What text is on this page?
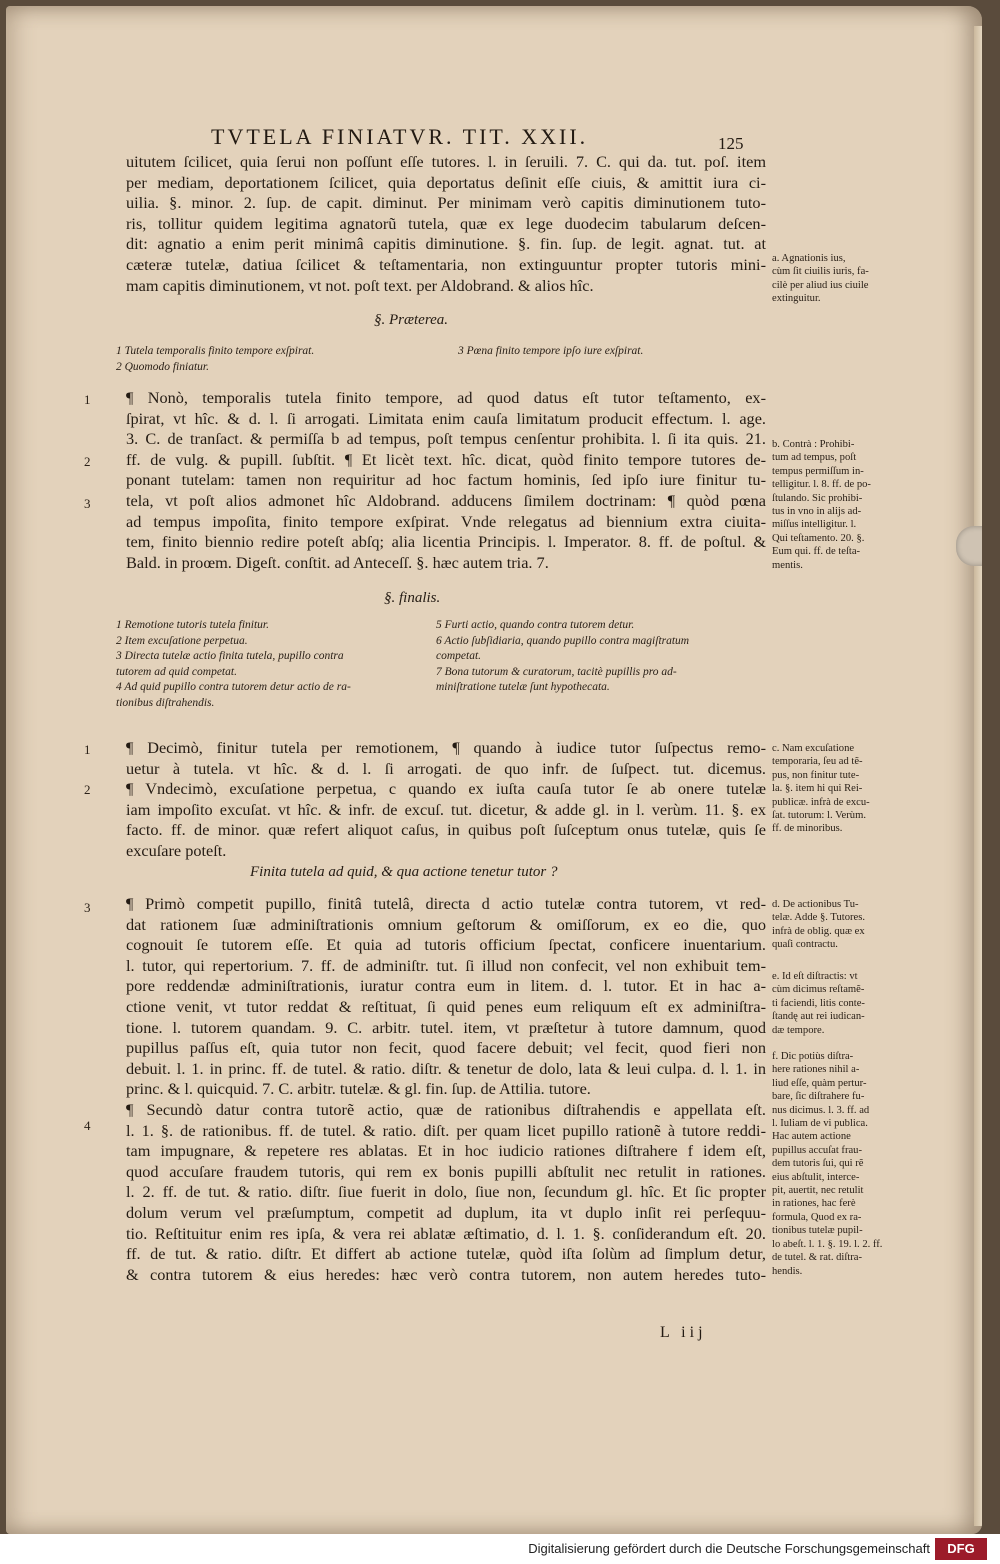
TVTELA FINIATVR. TIT. XXII.	125

uitutem ſcilicet, quia ſerui non poſſunt eſſe tutores. l. in ſeruili. 7. C. qui da. tut. poſ. item

per mediam, deportationem ſcilicet, quia deportatus deſinit eſſe ciuis, & amittit iura ci-

uilia. §. minor. 2. ſup. de capit. diminut. Per minimam verò capitis diminutionem tuto-

ris, tollitur quidem legitima agnatorũ tutela, quæ ex lege duodecim tabularum deſcen-

dit: agnatio a enim perit minimâ capitis diminutione. §. fin. ſup. de legit. agnat. tut. at

cæteræ tutelæ, datiua ſcilicet & teſtamentaria, non extinguuntur propter tutoris mini-

mam capitis diminutionem, vt not. poſt text. per Aldobrand. & alios hîc.

§. Præterea.
1 Tutela temporalis finito tempore exſpirat.
2 Quomodo finiatur.
3 Pœna finito tempore ipſo iure exſpirat.

¶ Nonò, temporalis tutela finito tempore, ad quod datus eſt tutor teſtamento, ex-

ſpirat, vt hîc. & d. l. ſi arrogati. Limitata enim cauſa limitatum producit effectum. l. age.

3. C. de tranſact. & permiſſa b ad tempus, poſt tempus cenſentur prohibita. l. ſi ita quis. 21.

ff. de vulg. & pupill. ſubſtit. ¶ Et licèt text. hîc. dicat, quòd finito tempore tutores de-

ponant tutelam: tamen non requiritur ad hoc factum hominis, ſed ipſo iure finitur tu-

tela, vt poſt alios admonet hîc Aldobrand. adducens ſimilem doctrinam: ¶ quòd pœna

ad tempus impoſita, finito tempore exſpirat. Vnde relegatus ad biennium extra ciuita-

tem, finito biennio redire poteſt abſq; alia licentia Principis. l. Imperator. 8. ff. de poſtul. &

Bald. in proœm. Digeſt. conſtit. ad Anteceſſ. §. hæc autem tria. 7.

§. finalis.
1 Remotione tutoris tutela finitur.
2 Item excuſatione perpetua.
3 Directa tutelæ actio finita tutela, pupillo contra
tutorem ad quid competat.
4 Ad quid pupillo contra tutorem detur actio de ra-
tionibus diſtrahendis.
5 Furti actio, quando contra tutorem detur.
6 Actio ſubſidiaria, quando pupillo contra magiſtratum
competat.
7 Bona tutorum & curatorum, tacitè pupillis pro ad-
miniſtratione tutelæ ſunt hypothecata.

¶ Decimò, finitur tutela per remotionem, ¶ quando à iudice tutor ſuſpectus remo-

uetur à tutela. vt hîc. & d. l. ſi arrogati. de quo infr. de ſuſpect. tut. dicemus.

¶ Vndecimò, excuſatione perpetua, c quando ex iuſta cauſa tutor ſe ab onere tutelæ

iam impoſito excuſat. vt hîc. & infr. de excuſ. tut. dicetur, & adde gl. in l. verùm. 11. §. ex

facto. ff. de minor. quæ refert aliquot caſus, in quibus poſt ſuſceptum onus tutelæ, quis ſe

excuſare poteſt.

Finita tutela ad quid, & qua actione tenetur tutor ?

¶ Primò competit pupillo, finitâ tutelâ, directa d actio tutelæ contra tutorem, vt red-

dat rationem ſuæ adminiſtrationis omnium geſtorum & omiſſorum, ex eo die, quo

cognouit ſe tutorem eſſe. Et quia ad tutoris officium ſpectat, conficere inuentarium.

l. tutor, qui repertorium. 7. ff. de adminiſtr. tut. ſi illud non confecit, vel non exhibuit tem-

pore reddendæ adminiſtrationis, iuratur contra eum in litem. d. l. tutor. Et in hac a-

ctione venit, vt tutor reddat & reſtituat, ſi quid penes eum reliquum eſt ex adminiſtra-

tione. l. tutorem quandam. 9. C. arbitr. tutel. item, vt præſtetur à tutore damnum, quod

pupillus paſſus eſt, quia tutor non fecit, quod facere debuit; vel fecit, quod fieri non

debuit. l. 1. in princ. ff. de tutel. & ratio. diſtr. & tenetur de dolo, lata & leui culpa. d. l. 1. in

princ. & l. quicquid. 7. C. arbitr. tutelæ. & gl. fin. ſup. de Attilia. tutore.

¶ Secundò datur contra tutorẽ actio, quæ de rationibus diſtrahendis e appellata eſt.

l. 1. §. de rationibus. ff. de tutel. & ratio. diſt. per quam licet pupillo rationẽ à tutore reddi-

tam impugnare, & repetere res ablatas. Et in hoc iudicio rationes diſtrahere f idem eſt,

quod accuſare fraudem tutoris, qui rem ex bonis pupilli abſtulit nec retulit in rationes.

l. 2. ff. de tut. & ratio. diſtr. ſiue fuerit in dolo, ſiue non, ſecundum gl. hîc. Et ſic propter

dolum verum vel præſumptum, competit ad duplum, ita vt duplo inſit rei perſequu-

tio. Reſtituitur enim res ipſa, & vera rei ablatæ æſtimatio, d. l. 1. §. conſiderandum eſt. 20.

ff. de tut. & ratio. diſtr. Et differt ab actione tutelæ, quòd iſta ſolùm ad ſimplum detur,

& contra tutorem & eius heredes: hæc verò contra tutorem, non autem heredes tuto-

1
2
3
1
2
3
4
a. Agnationis ius,
cùm ſit ciuilis iuris, fa-
cilè per aliud ius ciuile
extinguitur.
b. Contrà : Prohibi-
tum ad tempus, poſt
tempus permiſſum in-
telligitur. l. 8. ff. de po-
ſtulando. Sic prohibi-
tus in vno in alijs ad-
miſſus intelligitur. l.
Qui teſtamento. 20. §.
Eum qui. ff. de teſta-
mentis.
c. Nam excuſatione
temporaria, ſeu ad tẽ-
pus, non finitur tute-
la. §. item hi qui Rei-
publicæ. infrà de excu-
ſat. tutorum: l. Verùm.
ff. de minoribus.
d. De actionibus Tu-
telæ. Adde §. Tutores.
infrà de oblig. quæ ex
quaſi contractu.
e. Id eſt diſtractis: vt
cùm dicimus reſtamẽ-
ti faciendi, litis conte-
ſtandę aut rei iudican-
dæ tempore.
f. Dic potiùs diſtra-
here rationes nihil a-
liud eſſe, quàm pertur-
bare, ſic diſtrahere fu-
nus dicimus. l. 3. ff. ad
l. Iuliam de vi publica.
Hac autem actione
pupillus accuſat frau-
dem tutoris ſui, qui rẽ
eius abſtulit, interce-
pit, auertit, nec retulit
in rationes, hac ferè
formula, Quod ex ra-
tionibus tutelæ pupil-
lo abeſt. l. 1. §. 19. l. 2. ff.
de tutel. & rat. diſtra-
hendis.
L iij
Digitalisierung gefördert durch die Deutsche Forschungsgemeinschaft	DFG
